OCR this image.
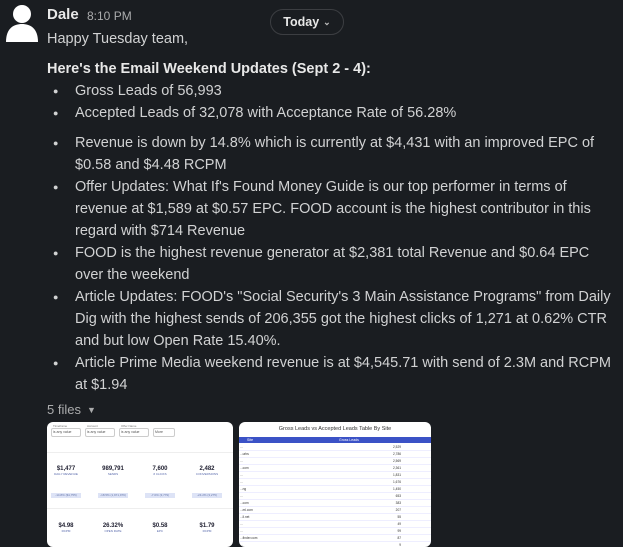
Dale 8:10 PM	Today ⌄

Happy Tuesday team,

Here's the Email Weekend Updates (Sept 2 - 4):

● Gross Leads of 56,993
● Accepted Leads of 32,078 with Acceptance Rate of 56.28%
● Revenue is down by 14.8% which is currently at $4,431 with an improved EPC of $0.58 and $4.48 RCPM
● Offer Updates: What If's Found Money Guide is our top performer in terms of revenue at $1,589 at $0.57 EPC. FOOD account is the highest contributor in this regard with $714 Revenue
● FOOD is the highest revenue generator at $2,381 total Revenue and $0.64 EPC over the weekend
● Article Updates: FOOD's "Social Security's 3 Main Assistance Programs" from Daily Dig with the highest sends of 206,355 got the highest clicks of 1,271 at 0.62% CTR and but low Open Rate 15.40%.
● Article Prime Media weekend revenue is at $4,545.71 with send of 2.3M and RCPM at $1.94
5 files ▼
Timeframe
is any value
Account
is any value
Offer Name
is any value	More
$1,477
DAILY REVENUE
989,791
SENDS
7,600
# CLICKS
2,482
CONVERSIONS
-14.8% ($1,755)	-18.5% (1,971,979)	-7.0% (3,779)	-24.2% (3,275)
$4.98
RCPM
26.32%
OPEN RATE
$0.58
EPC
$1.79
RCPM
Gross Leads vs Accepted Leads Table By Site
Site	Gross Leads
...	2,529
...urbs	2,786
...	2,569
...com	2,361
...	1,831
...	1,676
...ng	1,450
...	653
...com	383
...ml.com	207
...ll.net	55
...	49
...	99
...finder.com	87
...	9
